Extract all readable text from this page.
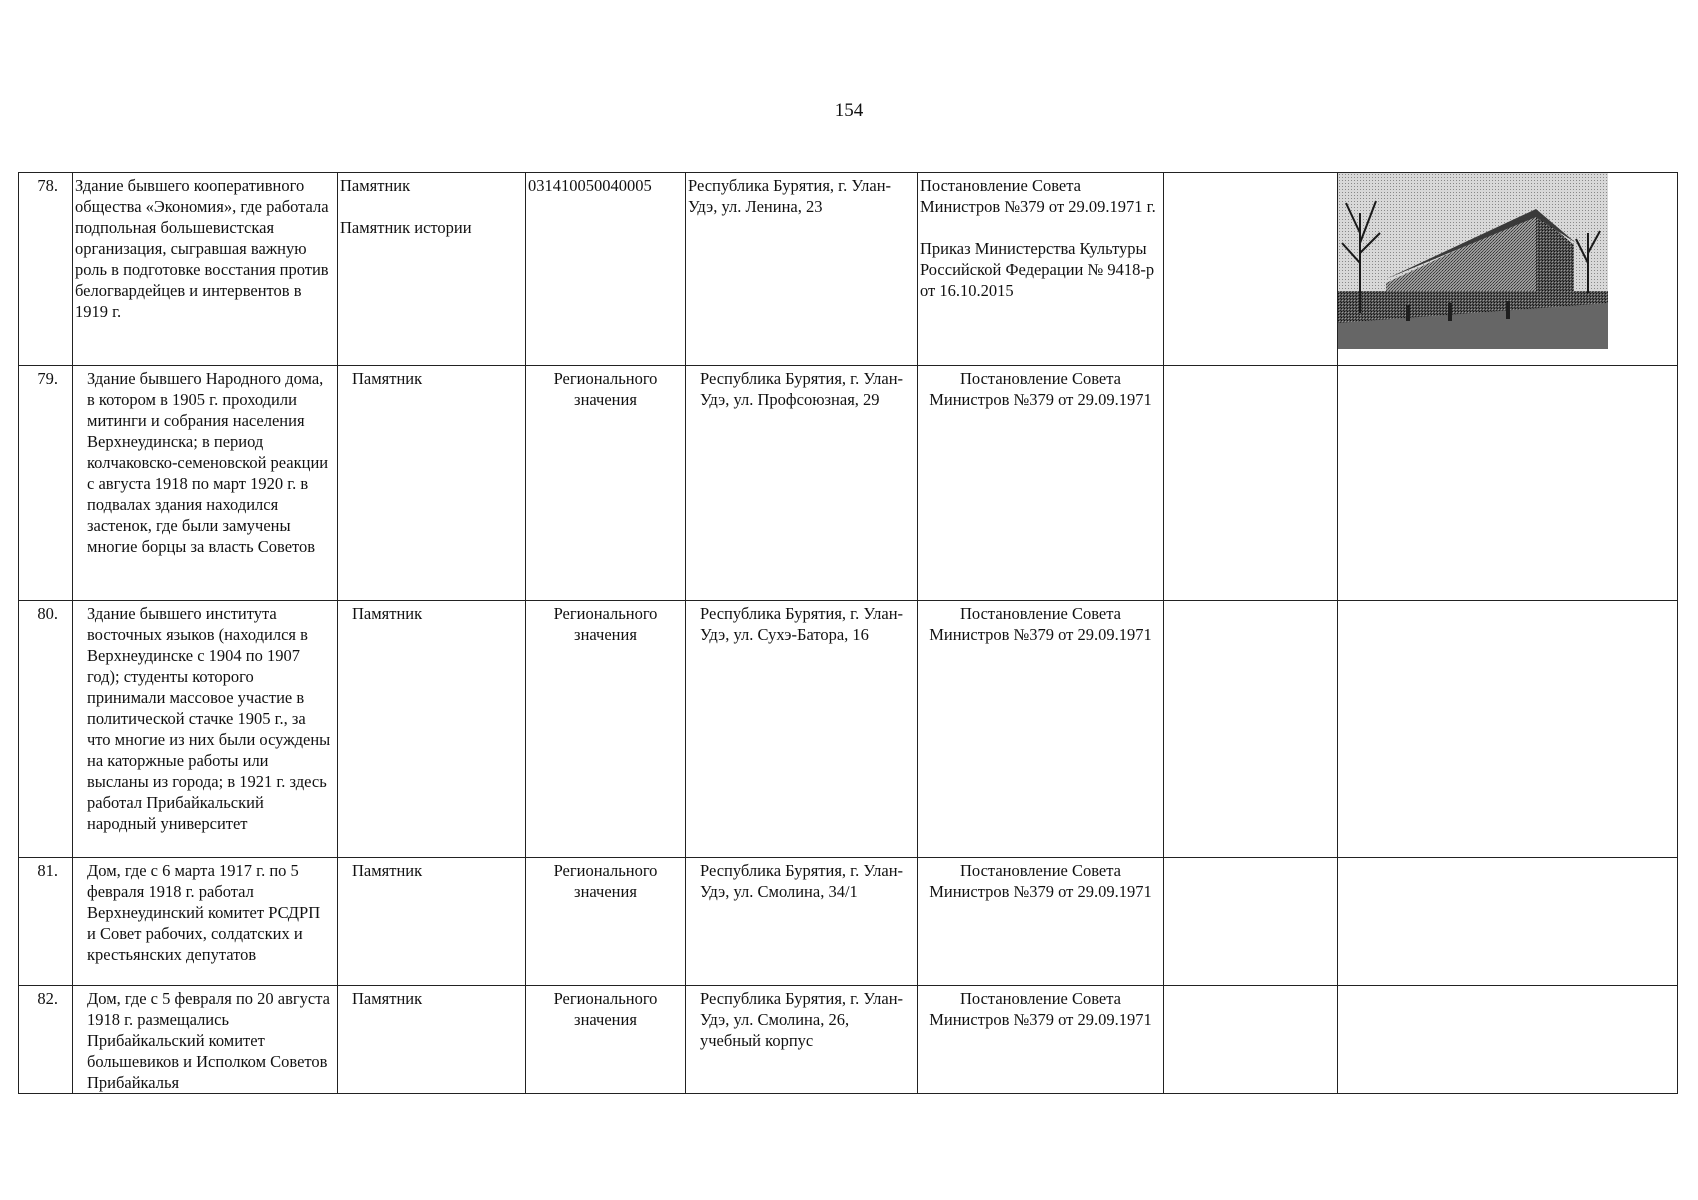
154
78.	Здание бывшего кооперативного общества «Экономия», где работала подпольная большевистская организация, сыгравшая важную роль в подготовке восстания против белогвардейцев и интервентов в 1919 г.	Памятник
Памятник истории	031410050040005	Республика Бурятия, г. Улан-Удэ, ул. Ленина, 23	Постановление Совета Министров №379 от 29.09.1971 г.
Приказ Министерства Культуры Российской Федерации № 9418-р от 16.10.2015		

79.	Здание бывшего Народного дома, в котором в 1905 г. проходили митинги и собрания населения Верхнеудинска; в период колчаковско-семеновской реакции с августа 1918 по март 1920 г. в подвалах здания находился застенок, где были замучены многие борцы за власть Советов	Памятник	Регионального значения	Республика Бурятия, г. Улан-Удэ, ул. Профсоюзная, 29	Постановление Совета Министров №379 от 29.09.1971		
80.	Здание бывшего института восточных языков (находился в Верхнеудинске с 1904 по 1907 год); студенты которого принимали массовое участие в политической стачке 1905 г., за что многие из них были осуждены на каторжные работы или высланы из города; в 1921 г. здесь работал Прибайкальский народный университет	Памятник	Регионального значения	Республика Бурятия, г. Улан-Удэ, ул. Сухэ-Батора, 16	Постановление Совета Министров №379 от 29.09.1971		
81.	Дом, где с 6 марта 1917 г. по 5 февраля 1918 г. работал Верхнеудинский комитет РСДРП и Совет рабочих, солдатских и крестьянских депутатов	Памятник	Регионального значения	Республика Бурятия, г. Улан-Удэ, ул. Смолина, 34/1	Постановление Совета Министров №379 от 29.09.1971		
82.	Дом, где с 5 февраля по 20 августа 1918 г. размещались Прибайкальский комитет большевиков и Исполком Советов Прибайкалья	Памятник	Регионального значения	Республика Бурятия, г. Улан-Удэ, ул. Смолина, 26, учебный корпус	Постановление Совета Министров №379 от 29.09.1971		
